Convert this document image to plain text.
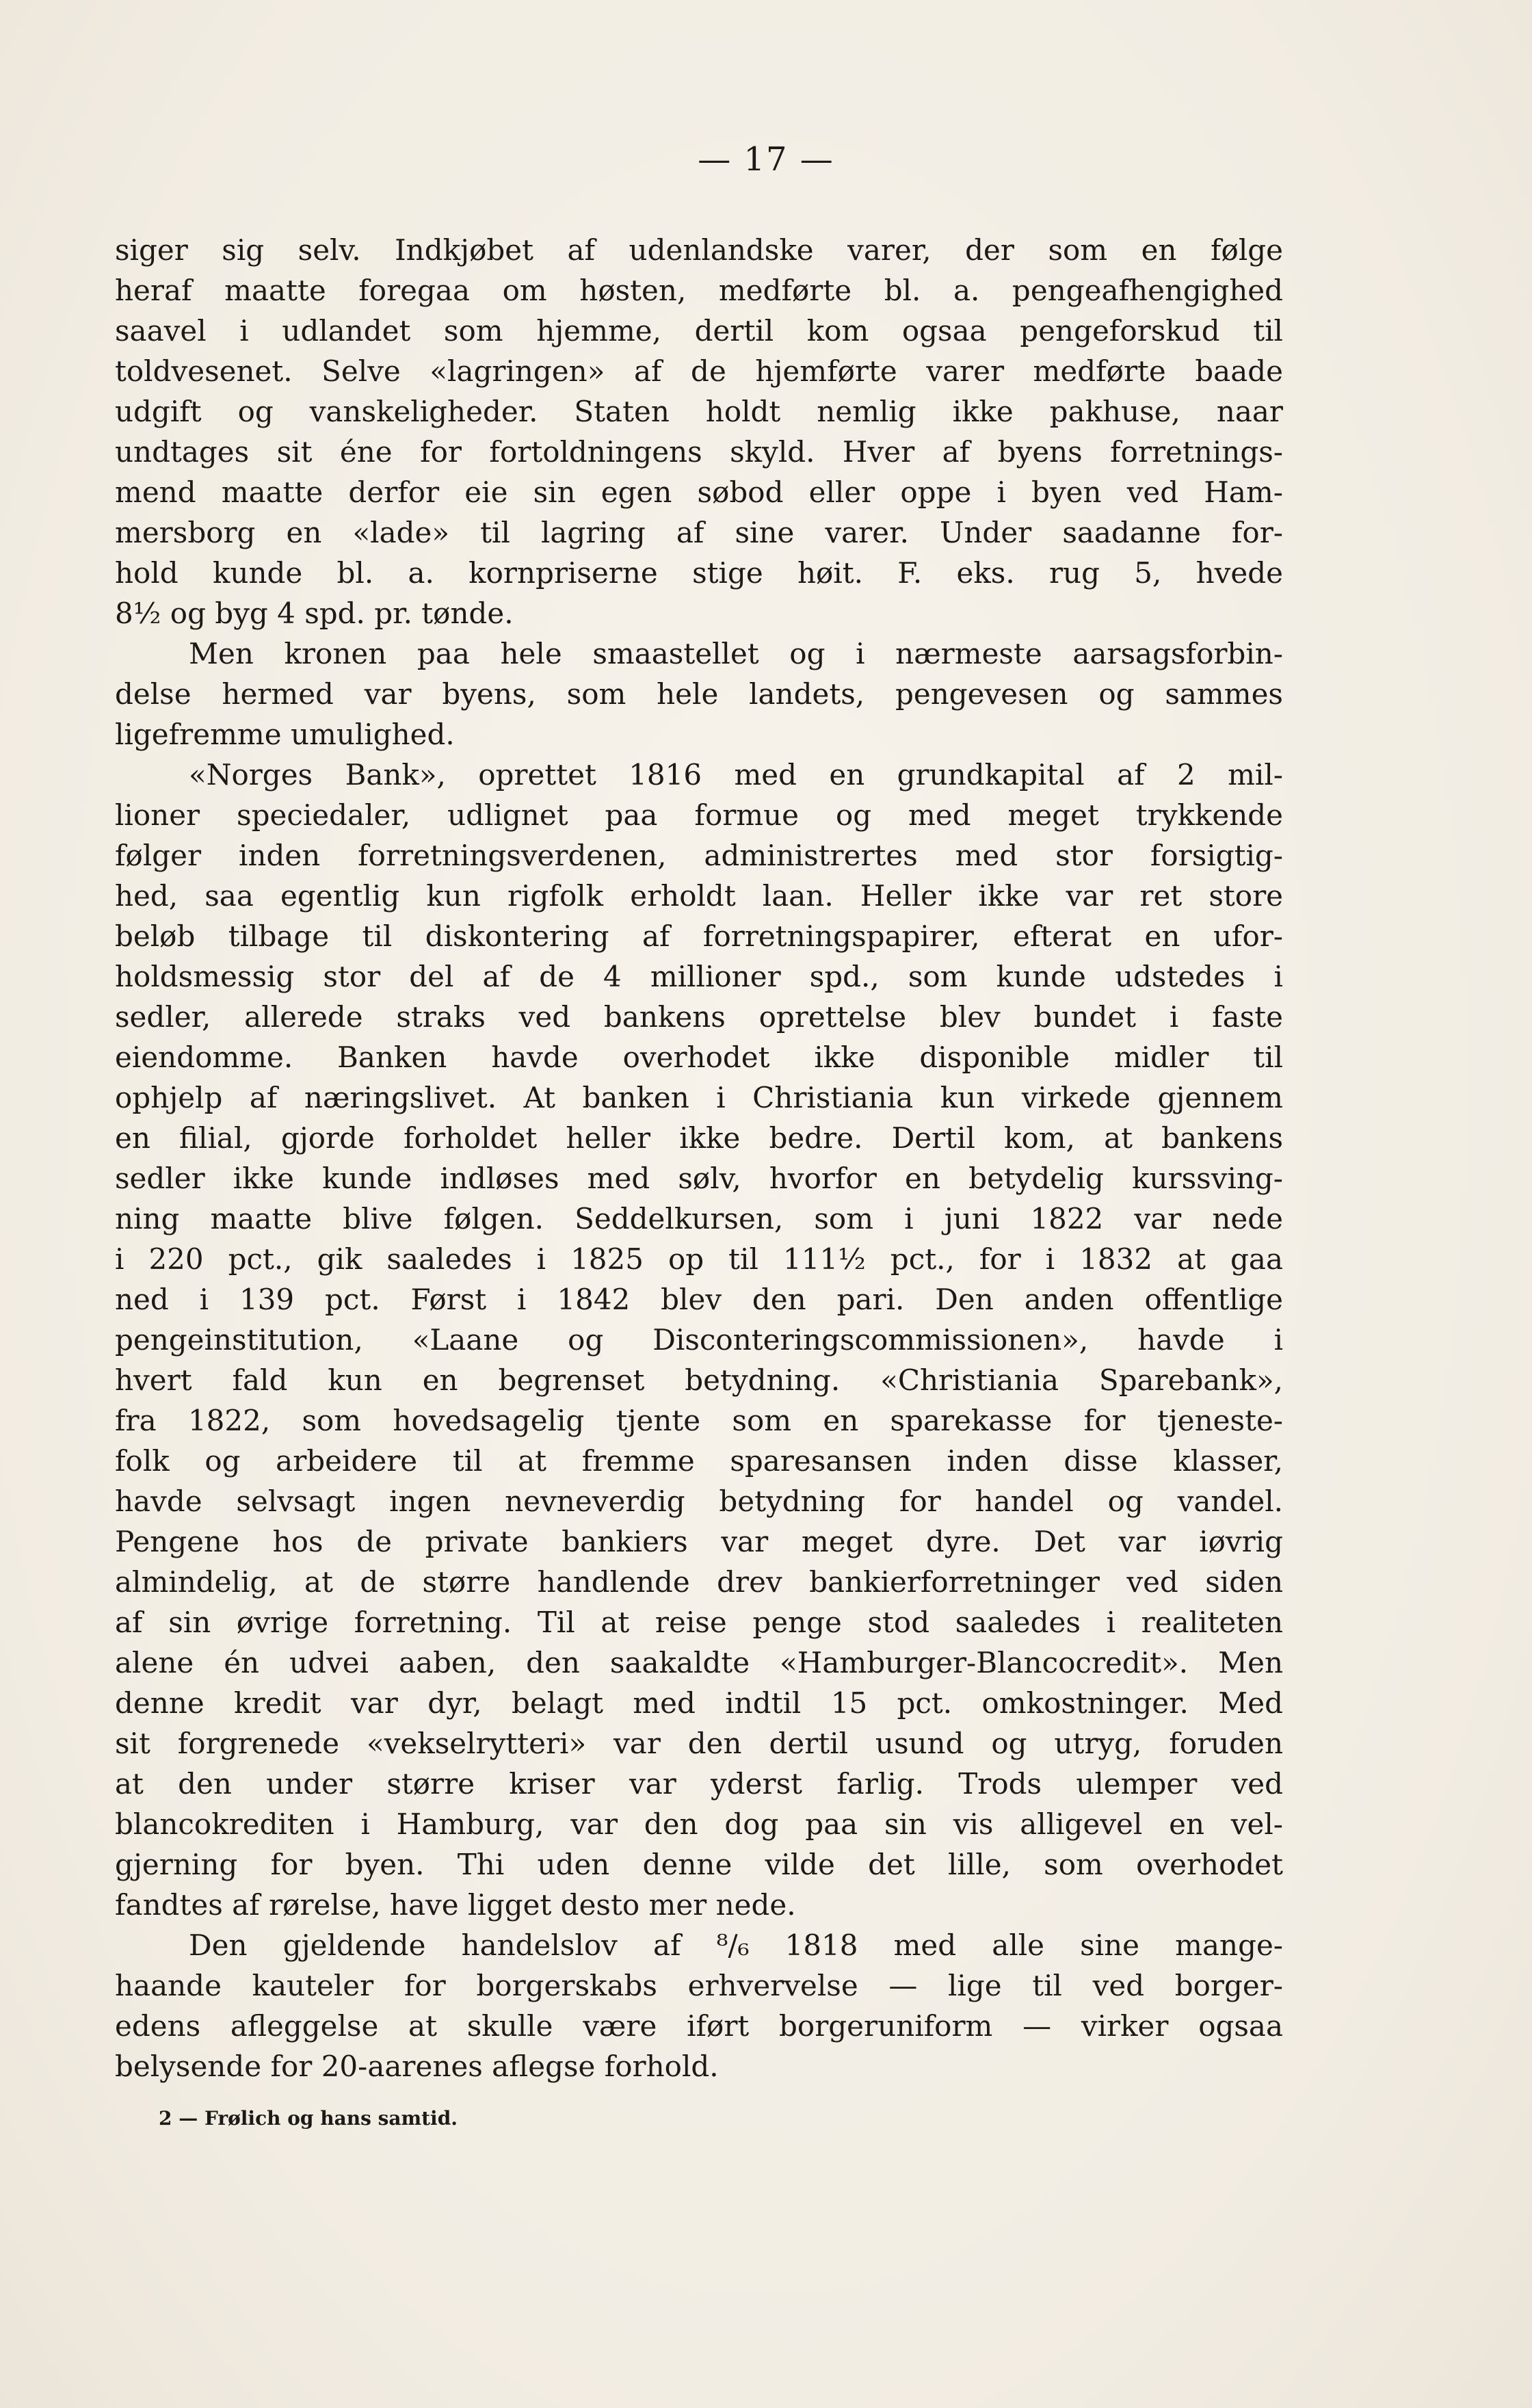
— 17 —
siger sig selv. Indkjøbet af udenlandske varer, der som en følge
heraf maatte foregaa om høsten, medførte bl. a. pengeafhengighed
saavel i udlandet som hjemme, dertil kom ogsaa pengeforskud til
toldvesenet. Selve «lagringen» af de hjemførte varer medførte baade
udgift og vanskeligheder. Staten holdt nemlig ikke pakhuse, naar
undtages sit éne for fortoldningens skyld. Hver af byens forretnings-
mend maatte derfor eie sin egen søbod eller oppe i byen ved Ham-
mersborg en «lade» til lagring af sine varer. Under saadanne for-
hold kunde bl. a. kornpriserne stige høit. F. eks. rug 5, hvede
8½ og byg 4 spd. pr. tønde.
Men kronen paa hele smaastellet og i nærmeste aarsagsforbin-
delse hermed var byens, som hele landets, pengevesen og sammes
ligefremme umulighed.
«Norges Bank», oprettet 1816 med en grundkapital af 2 mil-
lioner speciedaler, udlignet paa formue og med meget trykkende
følger inden forretningsverdenen, administrertes med stor forsigtig-
hed, saa egentlig kun rigfolk erholdt laan. Heller ikke var ret store
beløb tilbage til diskontering af forretningspapirer, efterat en ufor-
holdsmessig stor del af de 4 millioner spd., som kunde udstedes i
sedler, allerede straks ved bankens oprettelse blev bundet i faste
eiendomme. Banken havde overhodet ikke disponible midler til
ophjelp af næringslivet. At banken i Christiania kun virkede gjennem
en filial, gjorde forholdet heller ikke bedre. Dertil kom, at bankens
sedler ikke kunde indløses med sølv, hvorfor en betydelig kurssving-
ning maatte blive følgen. Seddelkursen, som i juni 1822 var nede
i 220 pct., gik saaledes i 1825 op til 111½ pct., for i 1832 at gaa
ned i 139 pct. Først i 1842 blev den pari. Den anden offentlige
pengeinstitution, «Laane og Disconteringscommissionen», havde i
hvert fald kun en begrenset betydning. «Christiania Sparebank»,
fra 1822, som hovedsagelig tjente som en sparekasse for tjeneste-
folk og arbeidere til at fremme sparesansen inden disse klasser,
havde selvsagt ingen nevneverdig betydning for handel og vandel.
Pengene hos de private bankiers var meget dyre. Det var iøvrig
almindelig, at de større handlende drev bankierforretninger ved siden
af sin øvrige forretning. Til at reise penge stod saaledes i realiteten
alene én udvei aaben, den saakaldte «Hamburger-Blancocredit». Men
denne kredit var dyr, belagt med indtil 15 pct. omkostninger. Med
sit forgrenede «vekselrytteri» var den dertil usund og utryg, foruden
at den under større kriser var yderst farlig. Trods ulemper ved
blancokrediten i Hamburg, var den dog paa sin vis alligevel en vel-
gjerning for byen. Thi uden denne vilde det lille, som overhodet
fandtes af rørelse, have ligget desto mer nede.
Den gjeldende handelslov af ⁸/₆ 1818 med alle sine mange-
haande kauteler for borgerskabs erhvervelse — lige til ved borger-
edens afleggelse at skulle være iført borgeruniform — virker ogsaa
belysende for 20-aarenes aflegse forhold.
2 — Frølich og hans samtid.
